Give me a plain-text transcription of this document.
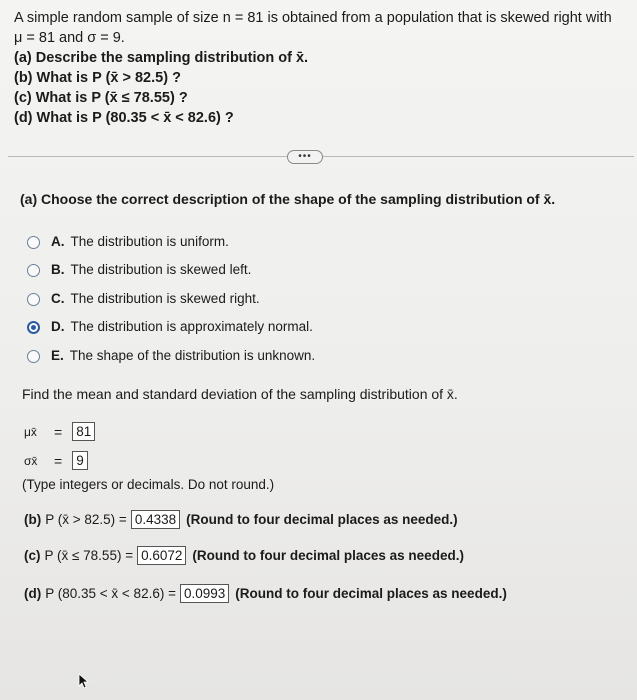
A simple random sample of size n = 81 is obtained from a population that is skewed right with
μ = 81 and σ = 9.
(a) Describe the sampling distribution of x̄.
(b) What is P (x̄ > 82.5) ?
(c) What is P (x̄ ≤ 78.55) ?
(d) What is P (80.35 < x̄ < 82.6) ?
•••
(a) Choose the correct description of the shape of the sampling distribution of x̄.
A. The distribution is uniform.
B. The distribution is skewed left.
C. The distribution is skewed right.
D. The distribution is approximately normal.
E. The shape of the distribution is unknown.
Find the mean and standard deviation of the sampling distribution of x̄.
μx̄	= 81
σx̄	= 9
(Type integers or decimals. Do not round.)
(b) P (x̄ > 82.5) = 0.4338 (Round to four decimal places as needed.)
(c) P (x̄ ≤ 78.55) = 0.6072 (Round to four decimal places as needed.)
(d) P (80.35 < x̄ < 82.6) = 0.0993 (Round to four decimal places as needed.)
